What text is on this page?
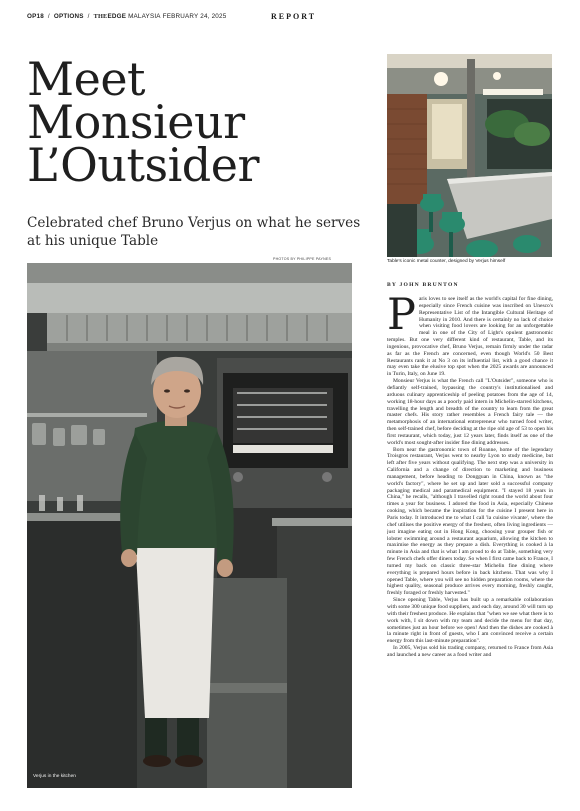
OP18 / OPTIONS / THEEDGE MALAYSIA FEBRUARY 24, 2025	REPORT
Meet
Monsieur
L’Outsider
Celebrated chef Bruno Verjus on what he serves at his unique Table
Table's iconic metal counter, designed by Verjus himself
PHOTOS BY PHILIPPE PAYNES
Verjus in the kitchen
BY JOHN BRUNTON

Paris loves to see itself as the world's capital for fine dining, especially since French cuisine was inscribed on Unesco's Representative List of the Intangible Cultural Heritage of Humanity in 2010. And there is certainly no lack of choice when visiting food lovers are looking for an unforgettable meal in one of the City of Light's opulent gastronomic temples. But one very different kind of restaurant, Table, and its ingenious, provocative chef, Bruno Verjus, remain firmly under the radar as far as the French are concerned, even though World's 50 Best Restaurants rank it at No 3 on its influential list, with a good chance it may even take the elusive top spot when the 2025 awards are announced in Turin, Italy, on June 19.

Monsieur Verjus is what the French call "L'Outsider", someone who is defiantly self-trained, bypassing the country's institutionalised and arduous culinary apprenticeship of peeling potatoes from the age of 14, working 18-hour days as a poorly paid intern in Michelin-starred kitchens, travelling the length and breadth of the country to learn from the great master chefs. His story rather resembles a French fairy tale — the metamorphosis of an international entrepreneur who turned food writer, then self-trained chef, before deciding at the ripe old age of 53 to open his first restaurant, which today, just 12 years later, finds itself as one of the world's most sought-after insider fine dining addresses.

Born near the gastronomic town of Roanne, home of the legendary Troisgros restaurant, Verjus went to nearby Lyon to study medicine, but left after five years without qualifying. The next step was a university in California and a change of direction to marketing and business management, before heading to Dongguan in China, known as "the world's factory", where he set up and later sold a successful company packaging medical and paramedical equipment. "I stayed 18 years in China," he recalls, "although I travelled right round the world about four times a year for business. I adored the food in Asia, especially Chinese cooking, which became the inspiration for the cuisine I present here in Paris today. It introduced me to what I call 'la cuisine vivante', where the chef utilises the positive energy of the freshest, often living ingredients — just imagine eating out in Hong Kong, choosing your grouper fish or lobster swimming around a restaurant aquarium, allowing the kitchen to maximise the energy as they prepare a dish. Everything is cooked à la minute in Asia and that is what I am proud to do at Table, something very few French chefs offer diners today. So when I first came back to France, I turned my back on classic three-star Michelin fine dining where everything is prepared hours before in back kitchens. That was why I opened Table, where you will see no hidden preparation rooms, where the highest quality, seasonal produce arrives every morning, freshly caught, freshly foraged or freshly harvested."

Since opening Table, Verjus has built up a remarkable collaboration with some 300 unique food suppliers, and each day, around 30 will turn up with their freshest produce. He explains that "when we see what there is to work with, I sit down with my team and decide the menu for that day, sometimes just an hour before we open! And then the dishes are cooked à la minute right in front of guests, who I am convinced receive a certain energy from this last-minute preparation".

In 2005, Verjus sold his trading company, returned to France from Asia and launched a new career as a food writer and
